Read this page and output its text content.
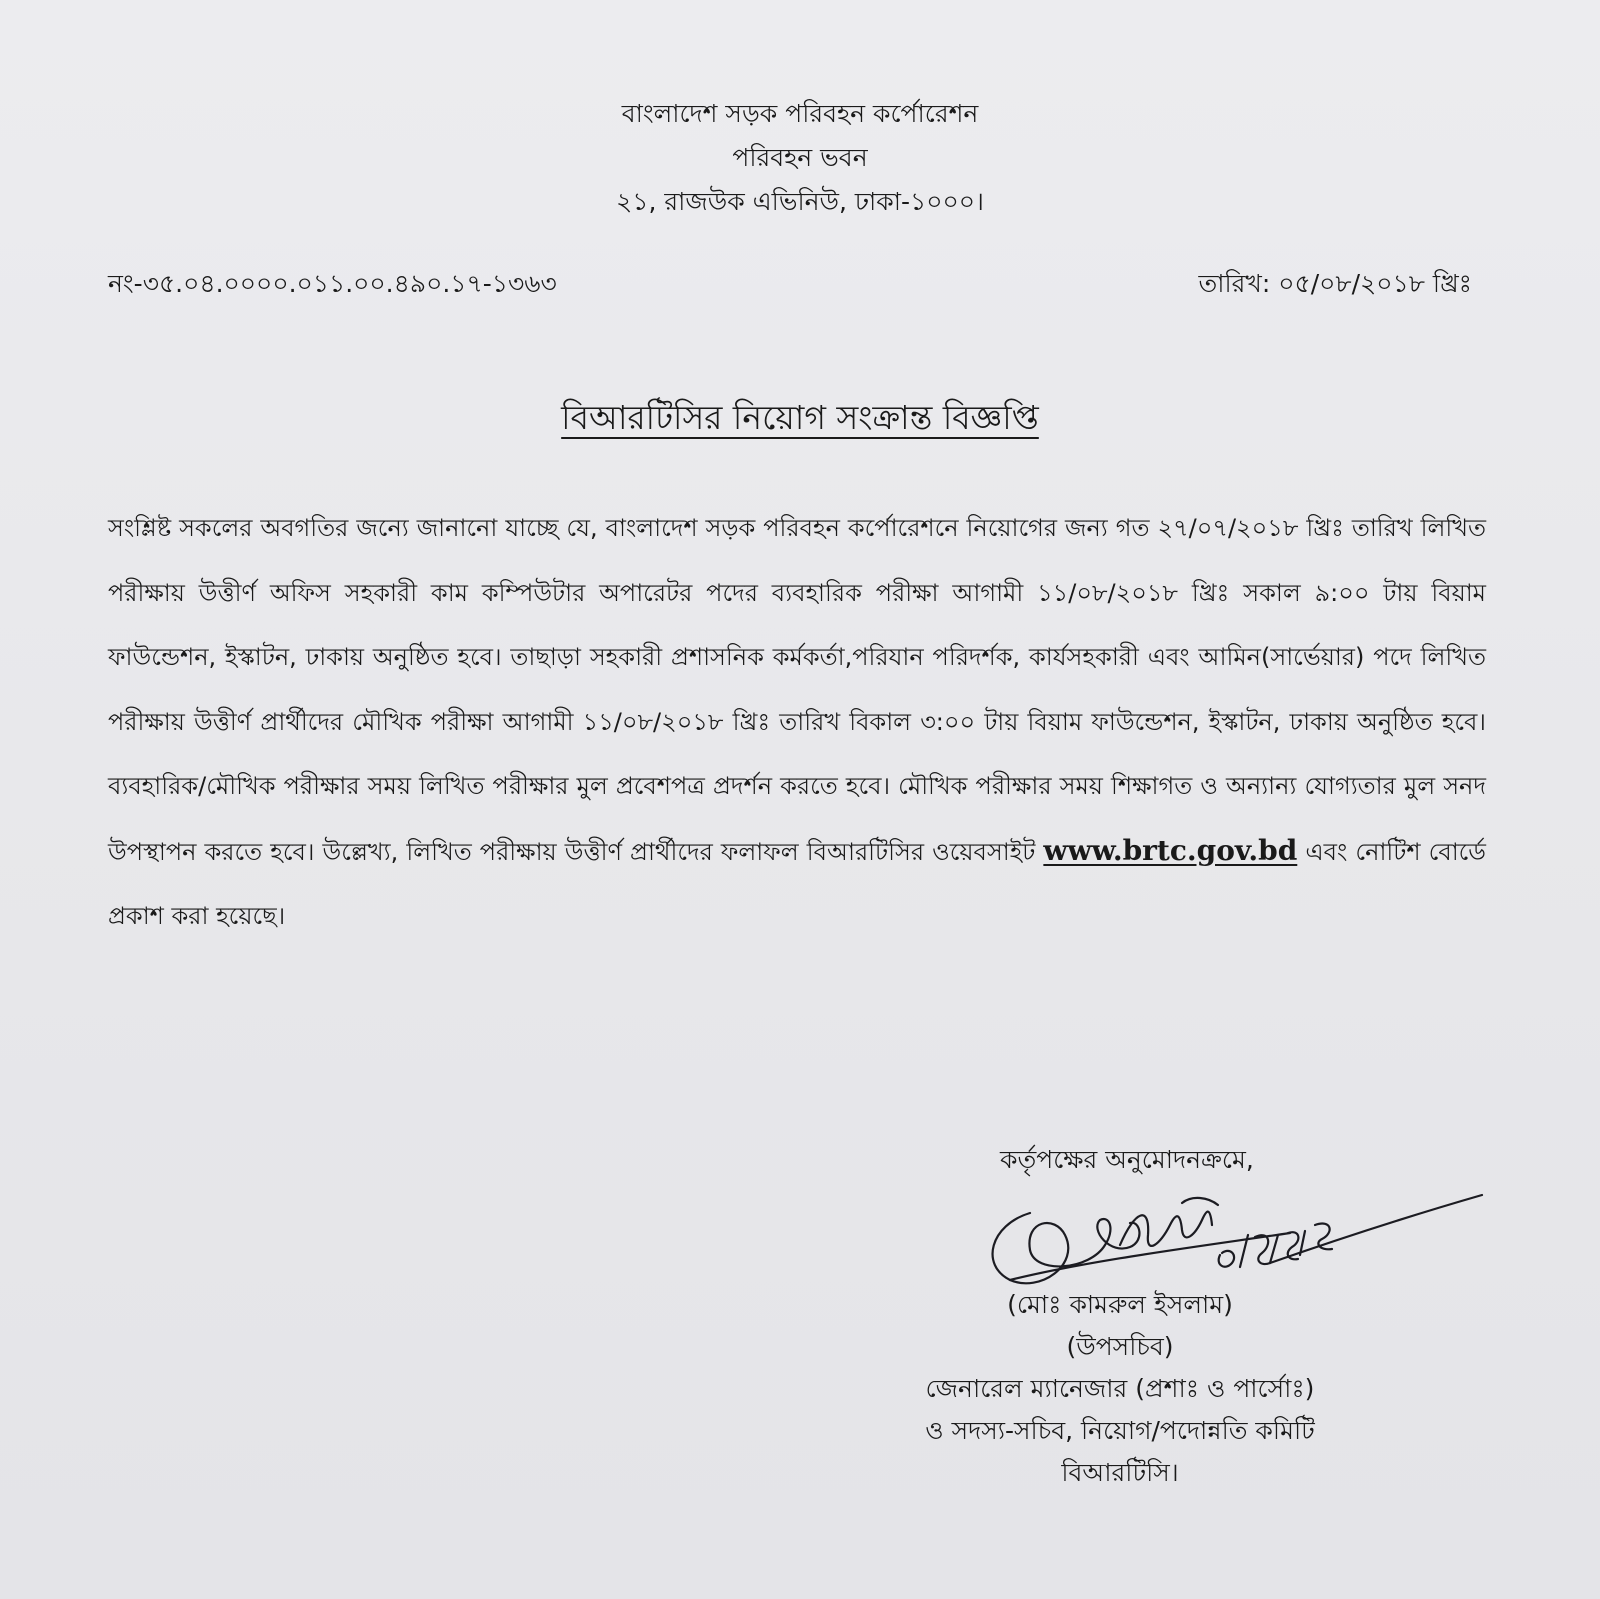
বাংলাদেশ সড়ক পরিবহন কর্পোরেশন
পরিবহন ভবন
২১, রাজউক এভিনিউ, ঢাকা-১০০০।
নং-৩৫.০৪.০০০০.০১১.০০.৪৯০.১৭-১৩৬৩	তারিখ: ০৫/০৮/২০১৮ খ্রিঃ
বিআরটিসির নিয়োগ সংক্রান্ত বিজ্ঞপ্তি
সংশ্লিষ্ট সকলের অবগতির জন্যে জানানো যাচ্ছে যে, বাংলাদেশ সড়ক পরিবহন কর্পোরেশনে নিয়োগের জন্য গত ২৭/০৭/২০১৮ খ্রিঃ তারিখ লিখিত পরীক্ষায় উত্তীর্ণ অফিস সহকারী কাম কম্পিউটার অপারেটর পদের ব্যবহারিক পরীক্ষা আগামী ১১/০৮/২০১৮ খ্রিঃ সকাল ৯:০০ টায় বিয়াম ফাউন্ডেশন, ইস্কাটন, ঢাকায় অনুষ্ঠিত হবে। তাছাড়া সহকারী প্রশাসনিক কর্মকর্তা,পরিযান পরিদর্শক, কার্যসহকারী এবং আমিন(সার্ভেয়ার) পদে লিখিত পরীক্ষায় উত্তীর্ণ প্রার্থীদের মৌখিক পরীক্ষা আগামী ১১/০৮/২০১৮ খ্রিঃ তারিখ বিকাল ৩:০০ টায় বিয়াম ফাউন্ডেশন, ইস্কাটন, ঢাকায় অনুষ্ঠিত হবে। ব্যবহারিক/মৌখিক পরীক্ষার সময় লিখিত পরীক্ষার মুল প্রবেশপত্র প্রদর্শন করতে হবে। মৌখিক পরীক্ষার সময় শিক্ষাগত ও অন্যান্য যোগ্যতার মুল সনদ উপস্থাপন করতে হবে। উল্লেখ্য, লিখিত পরীক্ষায় উত্তীর্ণ প্রার্থীদের ফলাফল বিআরটিসির ওয়েবসাইট www.brtc.gov.bd এবং নোটিশ বোর্ডে প্রকাশ করা হয়েছে।
কর্তৃপক্ষের অনুমোদনক্রমে,
(মোঃ কামরুল ইসলাম)
(উপসচিব)
জেনারেল ম্যানেজার (প্রশাঃ ও পার্সোঃ)
ও সদস্য-সচিব, নিয়োগ/পদোন্নতি কমিটি
বিআরটিসি।
